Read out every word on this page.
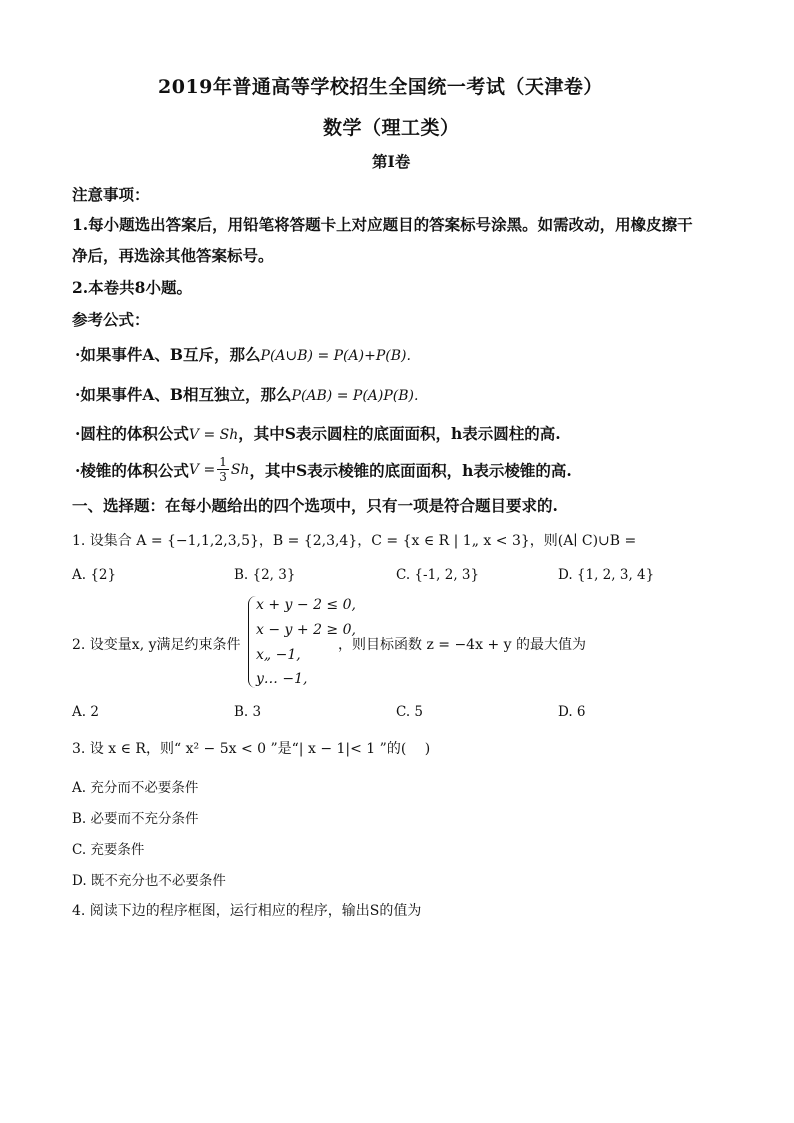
2019年普通高等学校招生全国统一考试（天津卷）
数学（理工类）
第Ⅰ卷
注意事项：
1.每小题选出答案后，用铅笔将答题卡上对应题目的答案标号涂黑。如需改动，用橡皮擦干
净后，再选涂其他答案标号。
2.本卷共8小题。
参考公式：
·如果事件A、B互斥，那么P(A∪B) = P(A)+P(B).
·如果事件A、B相互独立，那么P(AB) = P(A)P(B).
·圆柱的体积公式V = Sh，其中S表示圆柱的底面面积，h表示圆柱的高.
·棱锥的体积公式 $V = \frac{1}{3}$ Sh ，其中S表示棱锥的底面面积，h表示棱锥的高.
一、选择题：在每小题给出的四个选项中，只有一项是符合题目要求的.
1. 设集合 A = {−1,1,2,3,5}，B = {2,3,4}，C = {x ∈ R | 1„ x < 3}，则(A∣ C)∪B =
A. {2}	B. {2, 3}	C. {-1, 2, 3}	D. {1, 2, 3, 4}
2. 设变量x, y满足约束条件
x + y − 2 ≤ 0,
x − y + 2 ≥ 0,
x„ −1,
y… −1,
，则目标函数 z = −4x + y 的最大值为
A. 2	B. 3	C. 5	D. 6
3. 设 x ∈ R，则“ x² − 5x < 0 ”是“| x − 1|< 1 ”的(　 )
A. 充分而不必要条件
B. 必要而不充分条件
C. 充要条件
D. 既不充分也不必要条件
4. 阅读下边的程序框图，运行相应的程序，输出S的值为
